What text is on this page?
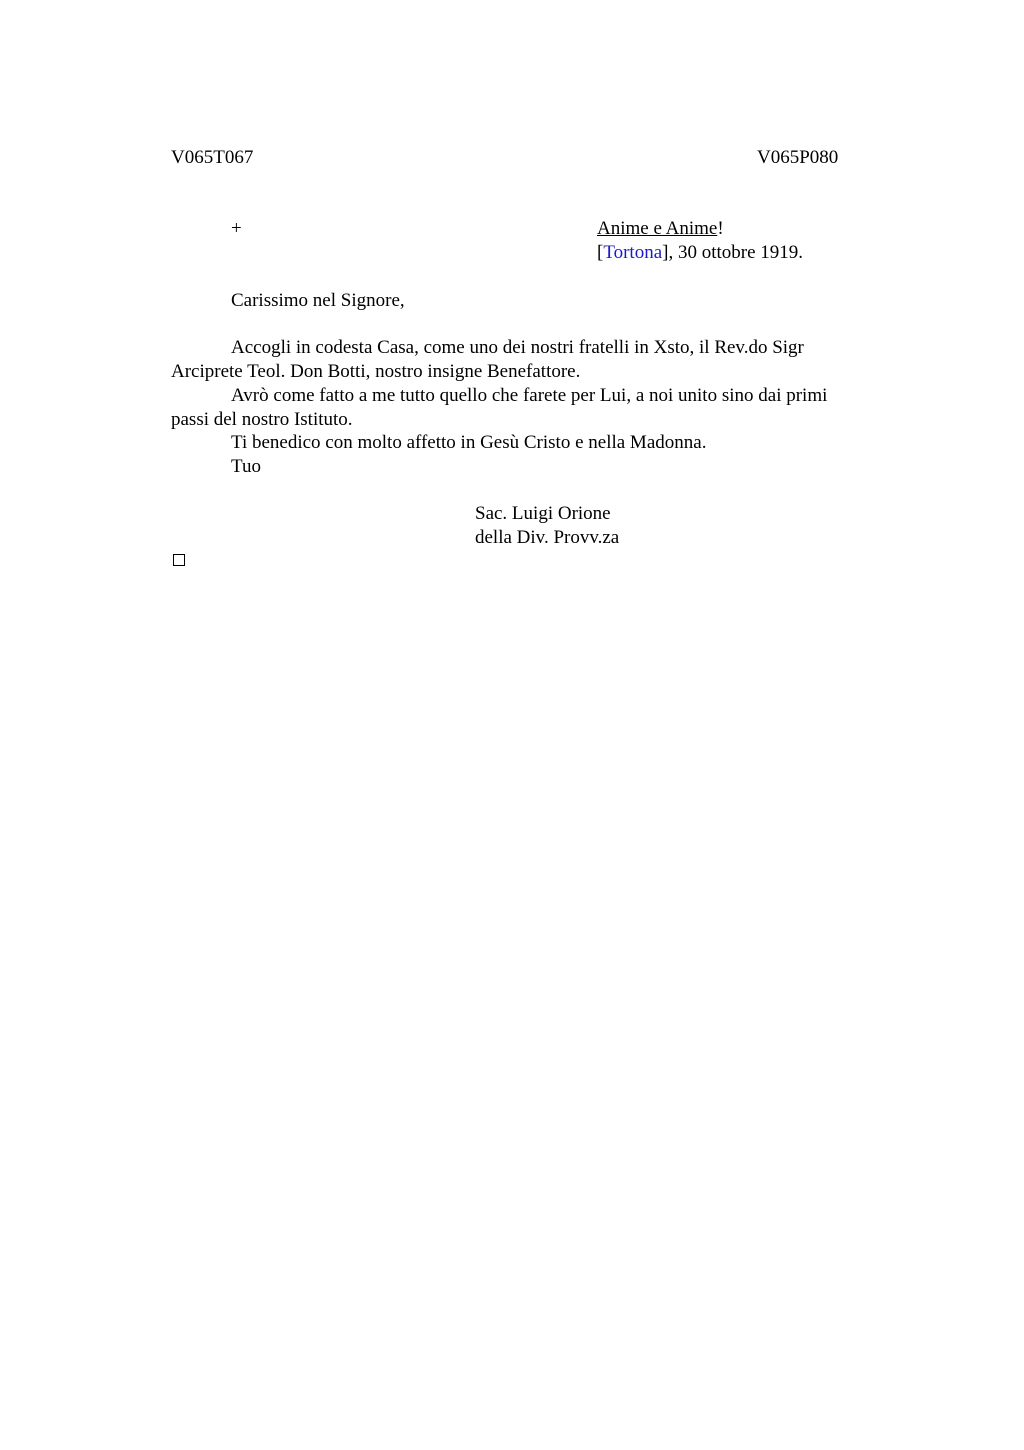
V065T067	V065P080
+	Anime e Anime!
[Tortona], 30 ottobre 1919.
Carissimo nel Signore,
Accogli in codesta Casa, come uno dei nostri fratelli in Xsto, il Rev.do Sigr
Arciprete Teol. Don Botti, nostro insigne Benefattore.
Avrò come fatto a me tutto quello che farete per Lui, a noi unito sino dai primi
passi del nostro Istituto.
Ti benedico con molto affetto in Gesù Cristo e nella Madonna.
Tuo
Sac. Luigi Orione
della Div. Provv.za
